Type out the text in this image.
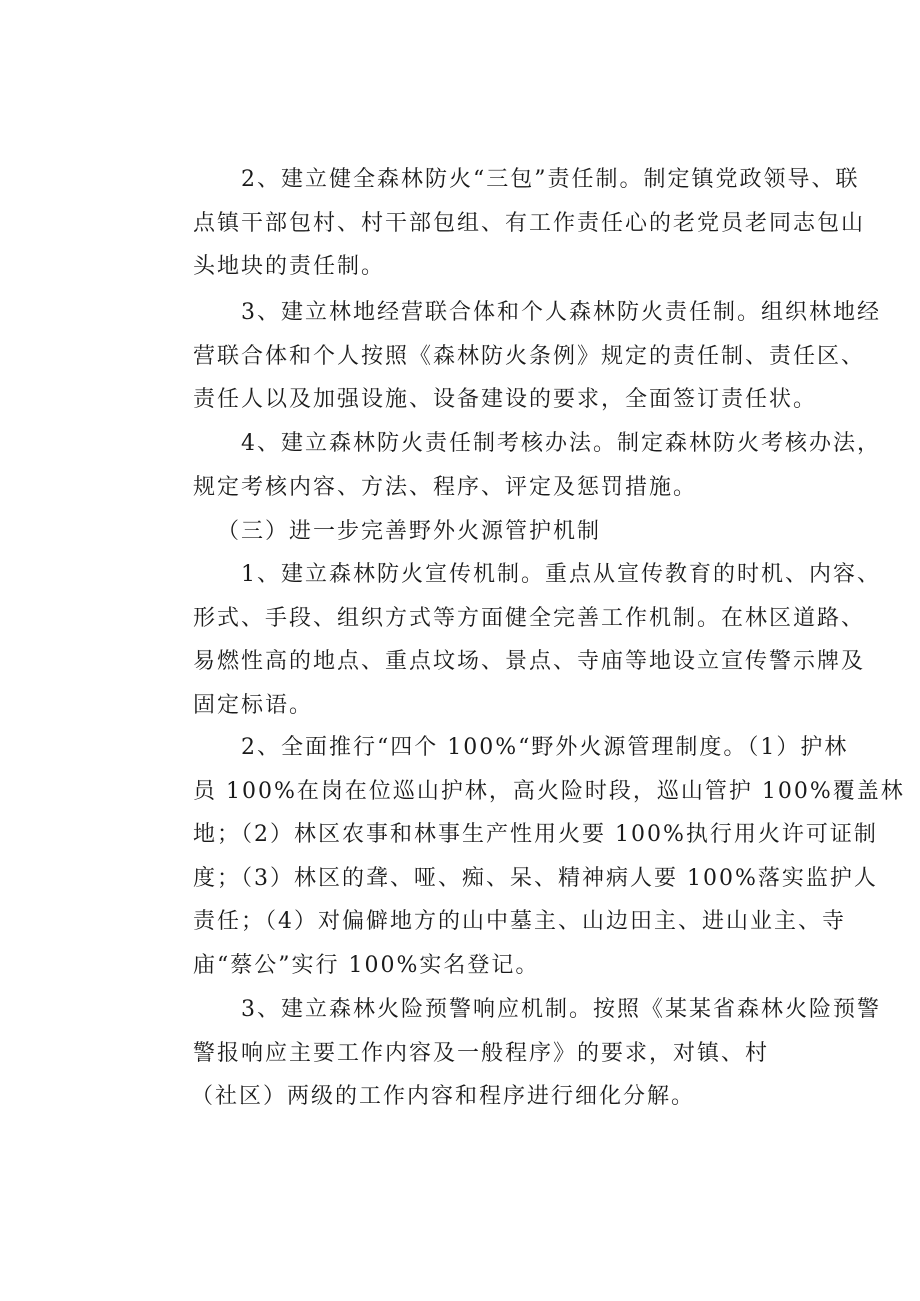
2、建立健全森林防火“三包”责任制。制定镇党政领导、联
点镇干部包村、村干部包组、有工作责任心的老党员老同志包山
头地块的责任制。
3、建立林地经营联合体和个人森林防火责任制。组织林地经
营联合体和个人按照《森林防火条例》规定的责任制、责任区、
责任人以及加强设施、设备建设的要求，全面签订责任状。
4、建立森林防火责任制考核办法。制定森林防火考核办法，
规定考核内容、方法、程序、评定及惩罚措施。
（三）进一步完善野外火源管护机制
1、建立森林防火宣传机制。重点从宣传教育的时机、内容、
形式、手段、组织方式等方面健全完善工作机制。在林区道路、
易燃性高的地点、重点坟场、景点、寺庙等地设立宣传警示牌及
固定标语。
2、全面推行“四个 100%“野外火源管理制度。（1）护林
员 100%在岗在位巡山护林，高火险时段，巡山管护 100%覆盖林
地；（2）林区农事和林事生产性用火要 100%执行用火许可证制
度；（3）林区的聋、哑、痴、呆、精神病人要 100%落实监护人
责任；（4）对偏僻地方的山中墓主、山边田主、进山业主、寺
庙“蔡公”实行 100%实名登记。
3、建立森林火险预警响应机制。按照《某某省森林火险预警
警报响应主要工作内容及一般程序》的要求，对镇、村
（社区）两级的工作内容和程序进行细化分解。
